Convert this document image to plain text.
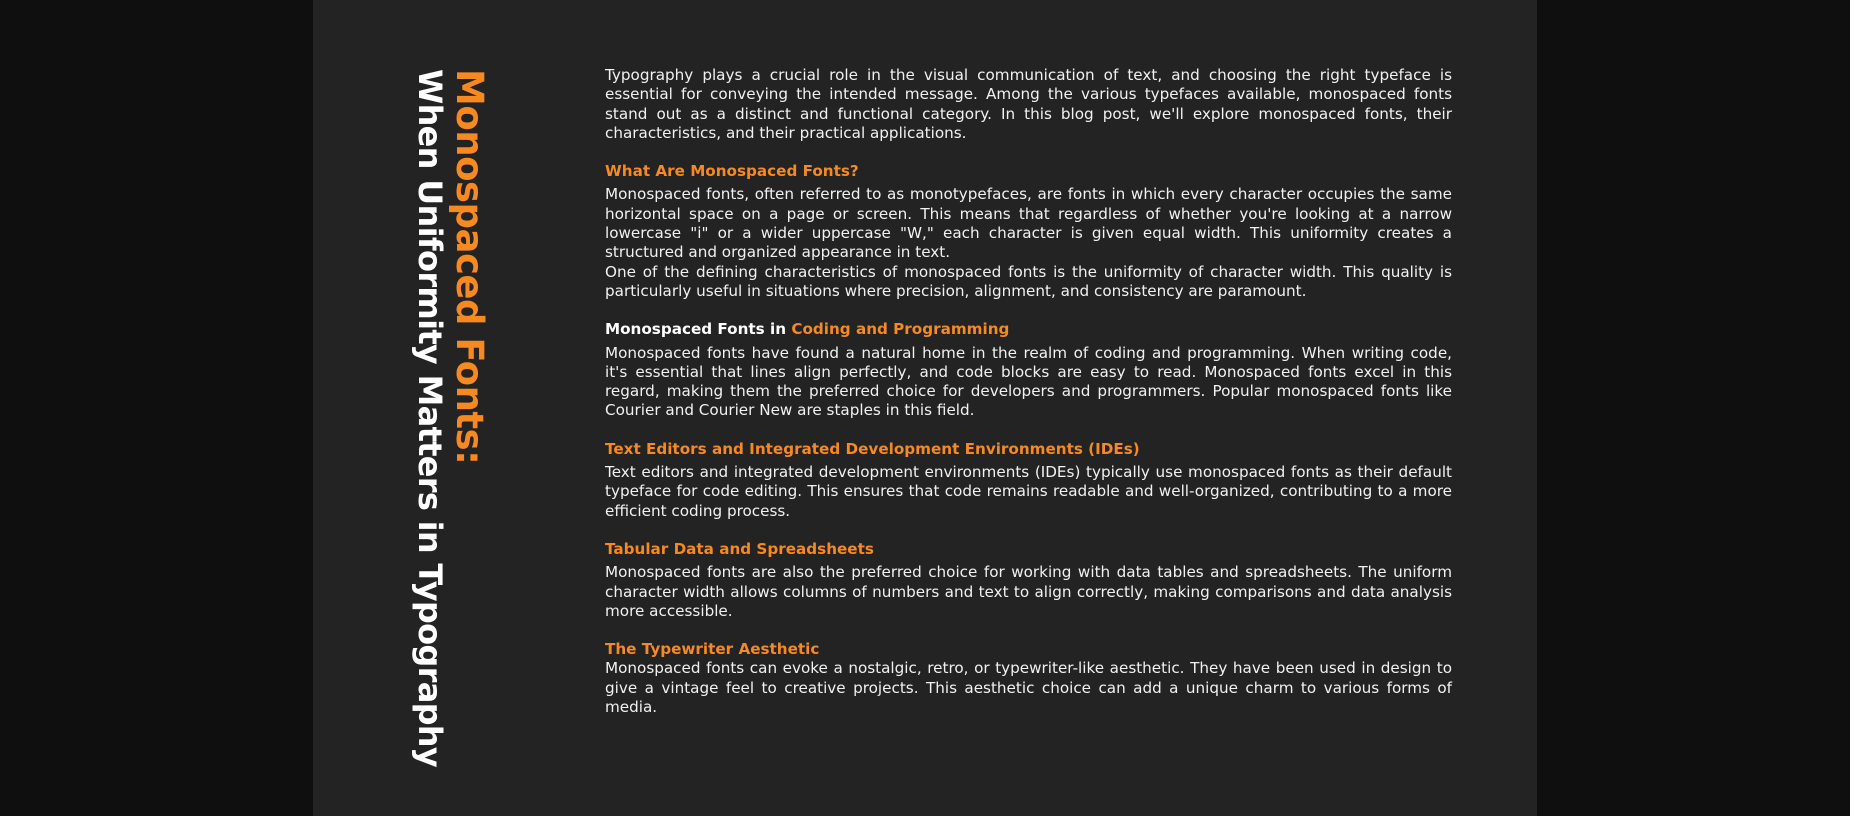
Monospaced Fonts:
When Uniformity Matters in Typography	Typography plays a crucial role in the visual communication of text, and choosing the right typeface is essential for conveying the intended message. Among the various typefaces available, monospaced fonts stand out as a distinct and functional category. In this blog post, we'll explore monospaced fonts, their characteristics, and their practical applications.

What Are Monospaced Fonts?

Monospaced fonts, often referred to as monotypefaces, are fonts in which every character occupies the same horizontal space on a page or screen. This means that regardless of whether you're looking at a narrow lowercase "i" or a wider uppercase "W," each character is given equal width. This uniformity creates a structured and organized appearance in text.

One of the defining characteristics of monospaced fonts is the uniformity of character width. This quality is particularly useful in situations where precision, alignment, and consistency are paramount.

Monospaced Fonts in Coding and Programming

Monospaced fonts have found a natural home in the realm of coding and programming. When writing code, it's essential that lines align perfectly, and code blocks are easy to read. Monospaced fonts excel in this regard, making them the preferred choice for developers and programmers. Popular monospaced fonts like Courier and Courier New are staples in this field.

Text Editors and Integrated Development Environments (IDEs)

Text editors and integrated development environments (IDEs) typically use monospaced fonts as their default typeface for code editing. This ensures that code remains readable and well-organized, contributing to a more efficient coding process.

Tabular Data and Spreadsheets

Monospaced fonts are also the preferred choice for working with data tables and spreadsheets. The uniform character width allows columns of numbers and text to align correctly, making comparisons and data analysis more accessible.

The Typewriter Aesthetic

Monospaced fonts can evoke a nostalgic, retro, or typewriter-like aesthetic. They have been used in design to give a vintage feel to creative projects. This aesthetic choice can add a unique charm to various forms of media.
